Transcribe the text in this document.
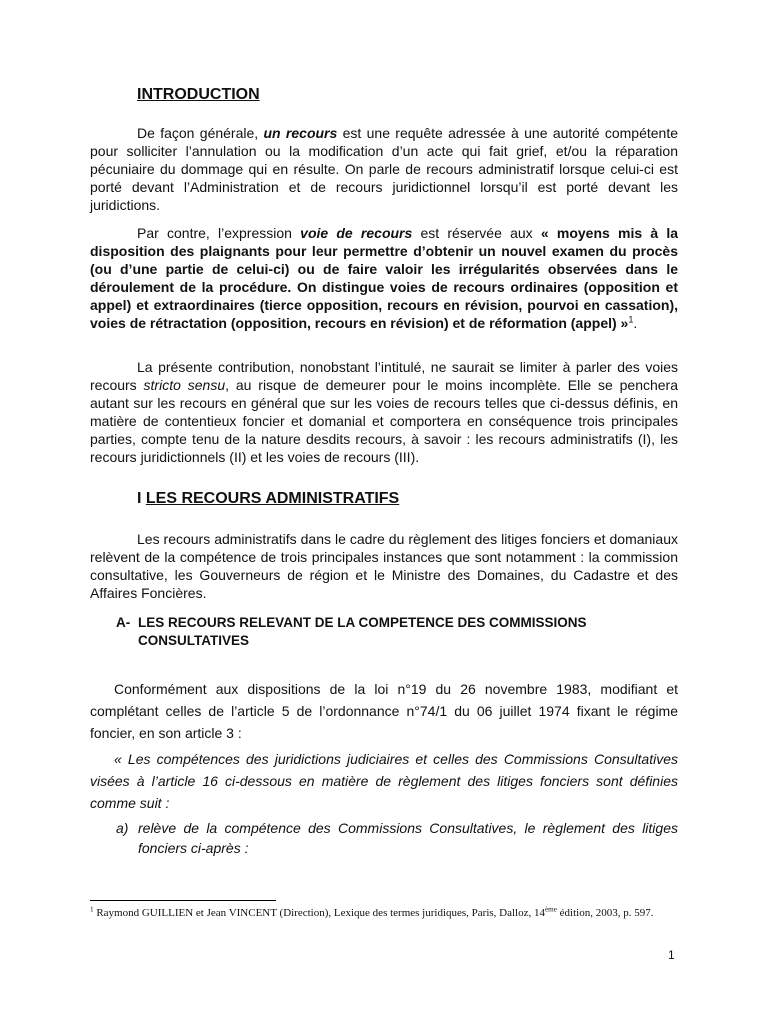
INTRODUCTION

De façon générale, un recours est une requête adressée à une autorité compétente pour solliciter l’annulation ou la modification d’un acte qui fait grief, et/ou la réparation pécuniaire du dommage qui en résulte. On parle de recours administratif lorsque celui-ci est porté devant l’Administration et de recours juridictionnel lorsqu’il est porté devant les juridictions.

Par contre, l’expression voie de recours est réservée aux « moyens mis à la disposition des plaignants pour leur permettre d’obtenir un nouvel examen du procès (ou d’une partie de celui-ci) ou de faire valoir les irrégularités observées dans le déroulement de la procédure. On distingue voies de recours ordinaires (opposition et appel) et extraordinaires (tierce opposition, recours en révision, pourvoi en cassation), voies de rétractation (opposition, recours en révision) et de réformation (appel) »$^1$.

La présente contribution, nonobstant l’intitulé, ne saurait se limiter à parler des voies recours stricto sensu, au risque de demeurer pour le moins incomplète. Elle se penchera autant sur les recours en général que sur les voies de recours telles que ci-dessus définis, en matière de contentieux foncier et domanial et comportera en conséquence trois principales parties, compte tenu de la nature desdits recours, à savoir : les recours administratifs (I), les recours juridictionnels (II) et les voies de recours (III).

I LES RECOURS ADMINISTRATIFS

Les recours administratifs dans le cadre du règlement des litiges fonciers et domaniaux relèvent de la compétence de trois principales instances que sont notamment : la commission consultative, les Gouverneurs de région et le Ministre des Domaines, du Cadastre et des Affaires Foncières.

A- LES RECOURS RELEVANT DE LA COMPETENCE DES COMMISSIONS CONSULTATIVES

Conformément aux dispositions de la loi n°19 du 26 novembre 1983, modifiant et complétant celles de l’article 5 de l’ordonnance n°74/1 du 06 juillet 1974 fixant le régime foncier, en son article 3 :

« Les compétences des juridictions judiciaires et celles des Commissions Consultatives visées à l’article 16 ci-dessous en matière de règlement des litiges fonciers sont définies comme suit :

a) relève de la compétence des Commissions Consultatives, le règlement des litiges fonciers ci-après :

$^1$ Raymond GUILLIEN et Jean VINCENT (Direction), Lexique des termes juridiques, Paris, Dalloz, 14ème édition, 2003, p. 597.

1
